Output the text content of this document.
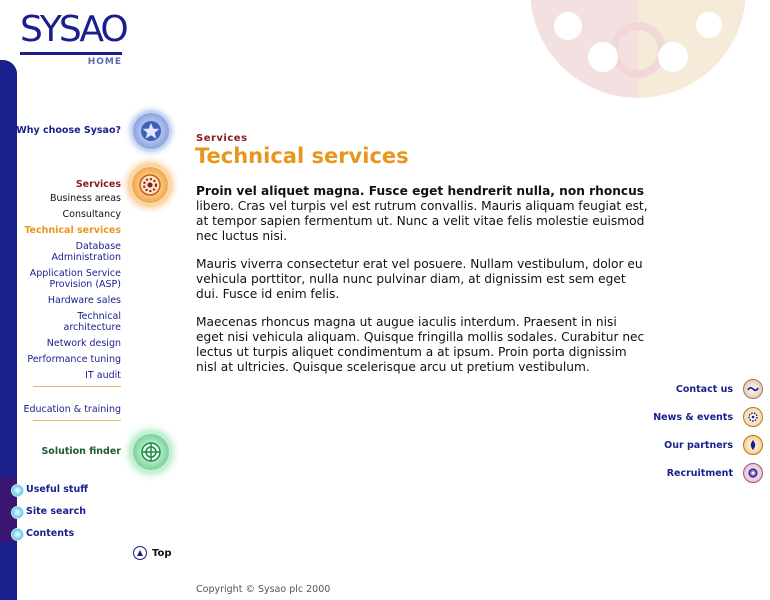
SYSAO
HOME
Why choose Sysao?
Services
Business areas
Consultancy
Technical services
Database Administration
Application Service Provision (ASP)
Hardware sales
Technical architecture
Network design
Performance tuning
IT audit
Education & training
Solution finder
Useful stuff
Site search
Contents
Top
Services
Technical services

Proin vel aliquet magna. Fusce eget hendrerit nulla, non rhoncus libero. Cras vel turpis vel est rutrum convallis. Mauris aliquam feugiat est, at tempor sapien fermentum ut. Nunc a velit vitae felis molestie euismod nec luctus nisi.

Mauris viverra consectetur erat vel posuere. Nullam vestibulum, dolor eu vehicula porttitor, nulla nunc pulvinar diam, at dignissim est sem eget dui. Fusce id enim felis.

Maecenas rhoncus magna ut augue iaculis interdum. Praesent in nisi eget nisi vehicula aliquam. Quisque fringilla mollis sodales. Curabitur nec lectus ut turpis aliquet condimentum a at ipsum. Proin porta dignissim nisl at ultricies. Quisque scelerisque arcu ut pretium vestibulum.

Contact us
News & events
Our partners
Recruitment
Copyright © Sysao plc 2000
